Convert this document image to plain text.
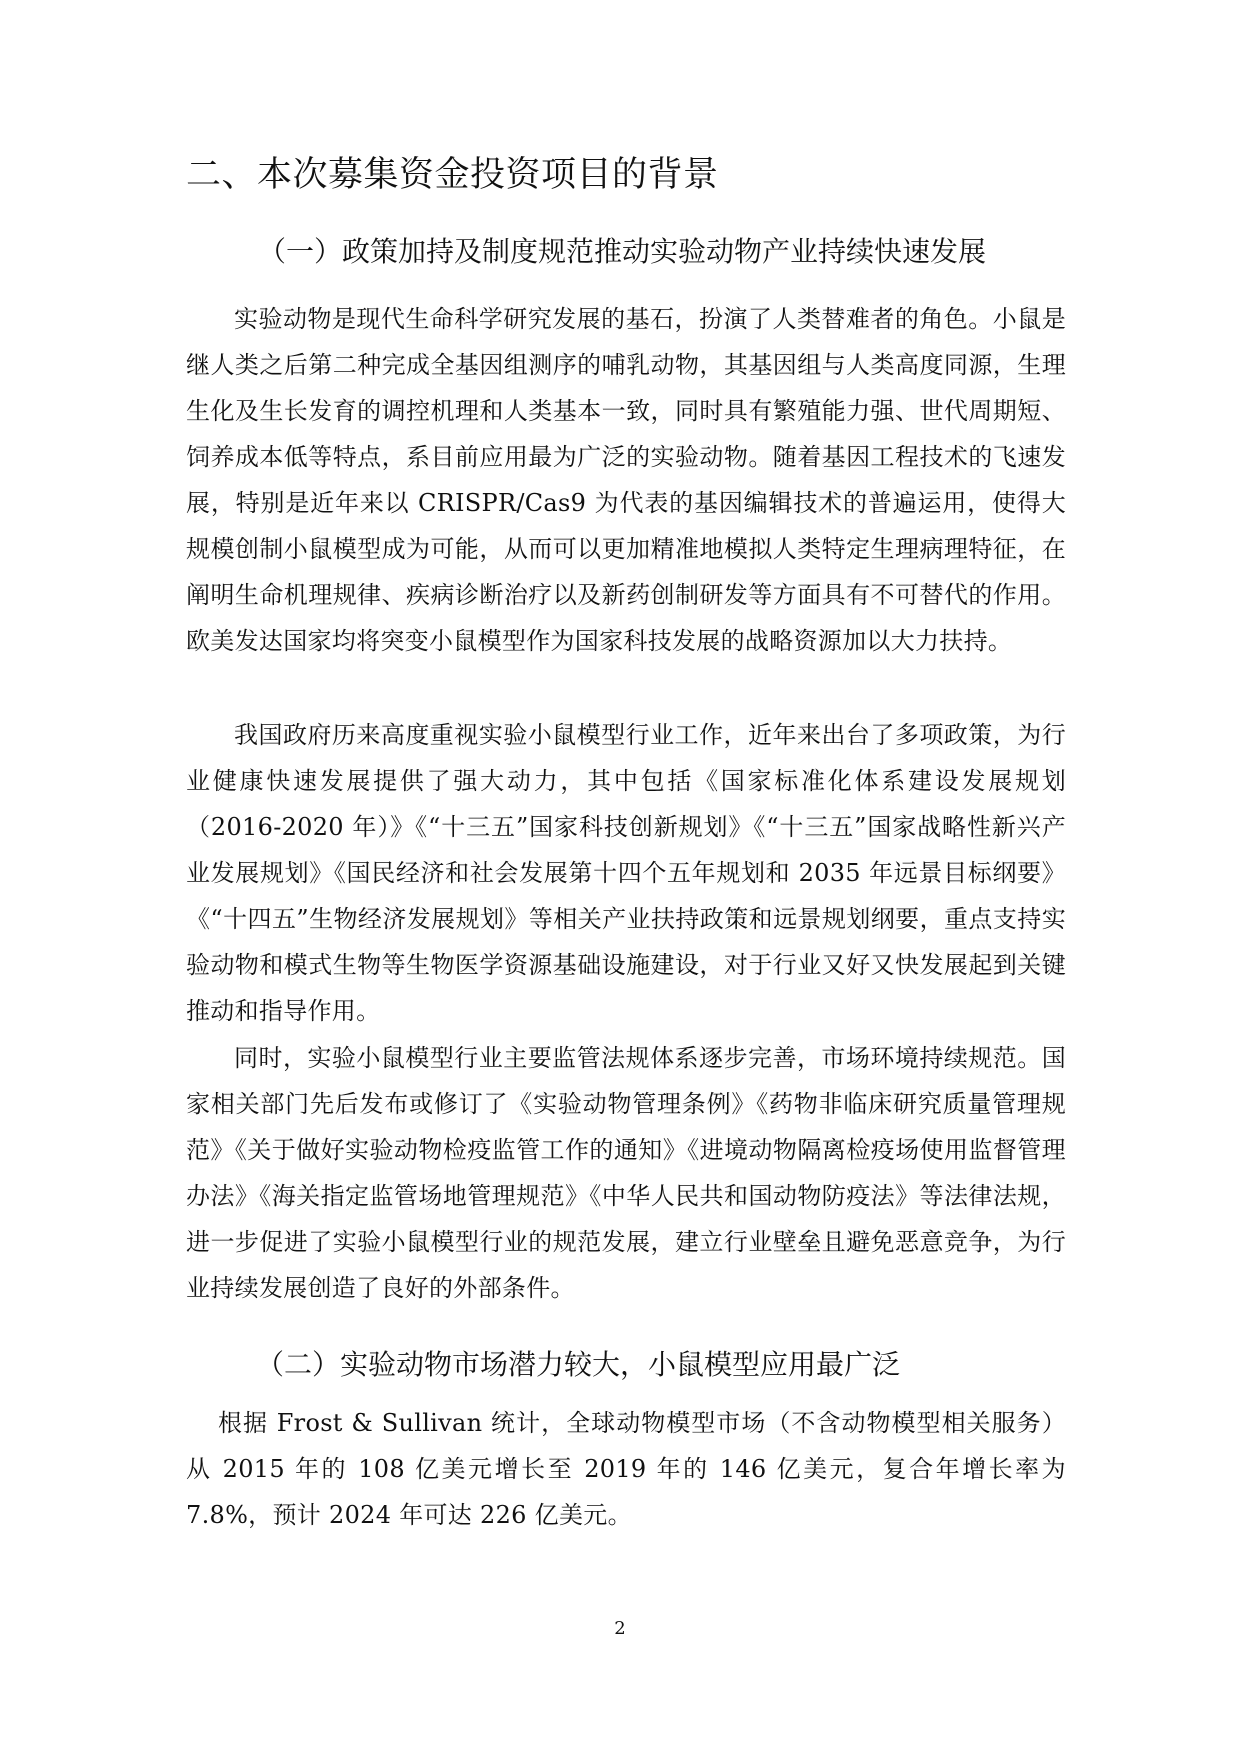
二、本次募集资金投资项目的背景
（一）政策加持及制度规范推动实验动物产业持续快速发展

实验动物是现代生命科学研究发展的基石，扮演了人类替难者的角色。小鼠是继人类之后第二种完成全基因组测序的哺乳动物，其基因组与人类高度同源，生理生化及生长发育的调控机理和人类基本一致，同时具有繁殖能力强、世代周期短、饲养成本低等特点，系目前应用最为广泛的实验动物。随着基因工程技术的飞速发展，特别是近年来以 CRISPR/Cas9 为代表的基因编辑技术的普遍运用，使得大规模创制小鼠模型成为可能，从而可以更加精准地模拟人类特定生理病理特征，在阐明生命机理规律、疾病诊断治疗以及新药创制研发等方面具有不可替代的作用。欧美发达国家均将突变小鼠模型作为国家科技发展的战略资源加以大力扶持。

我国政府历来高度重视实验小鼠模型行业工作，近年来出台了多项政策，为行业健康快速发展提供了强大动力，其中包括《国家标准化体系建设发展规划（2016-2020 年）》《“十三五”国家科技创新规划》《“十三五”国家战略性新兴产业发展规划》《国民经济和社会发展第十四个五年规划和 2035 年远景目标纲要》《“十四五”生物经济发展规划》等相关产业扶持政策和远景规划纲要，重点支持实验动物和模式生物等生物医学资源基础设施建设，对于行业又好又快发展起到关键推动和指导作用。

同时，实验小鼠模型行业主要监管法规体系逐步完善，市场环境持续规范。国家相关部门先后发布或修订了《实验动物管理条例》《药物非临床研究质量管理规范》《关于做好实验动物检疫监管工作的通知》《进境动物隔离检疫场使用监督管理办法》《海关指定监管场地管理规范》《中华人民共和国动物防疫法》等法律法规，进一步促进了实验小鼠模型行业的规范发展，建立行业壁垒且避免恶意竞争，为行业持续发展创造了良好的外部条件。

（二）实验动物市场潜力较大，小鼠模型应用最广泛

根据 Frost & Sullivan 统计，全球动物模型市场（不含动物模型相关服务）从 2015 年的 108 亿美元增长至 2019 年的 146 亿美元，复合年增长率为 7.8%，预计 2024 年可达 226 亿美元。

2
